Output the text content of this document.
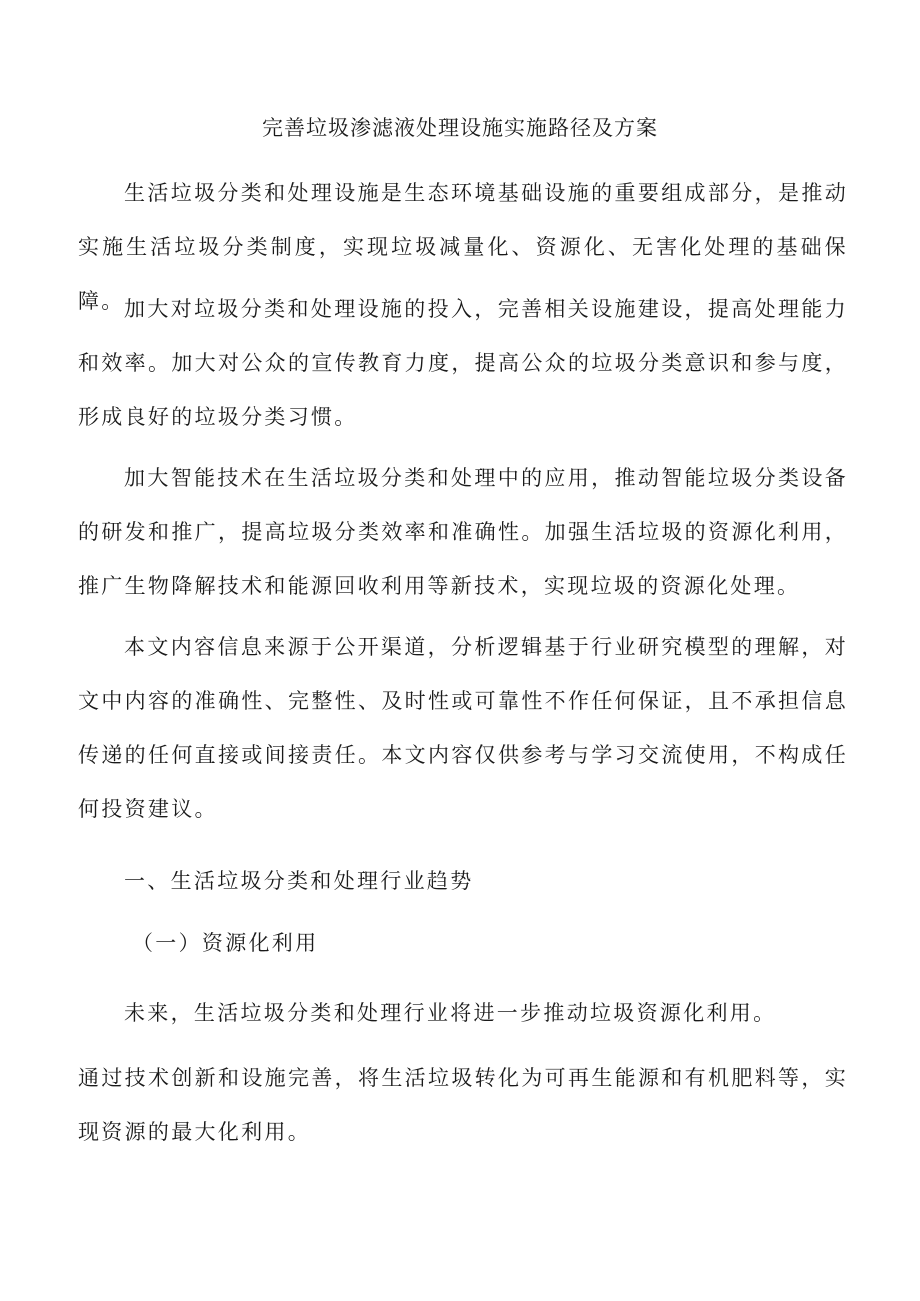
完善垃圾渗滤液处理设施实施路径及方案

生活垃圾分类和处理设施是生态环境基础设施的重要组成部分，是推动实施生活垃圾分类制度，实现垃圾减量化、资源化、无害化处理的基础保障。 加大对垃圾分类和处理设施的投入，完善相关设施建设，提高处理能力和效率。加大对公众的宣传教育力度，提高公众的垃圾分类意识和参与度，形成良好的垃圾分类习惯。

加大智能技术在生活垃圾分类和处理中的应用，推动智能垃圾分类设备的研发和推广，提高垃圾分类效率和准确性。加强生活垃圾的资源化利用，推广生物降解技术和能源回收利用等新技术，实现垃圾的资源化处理。

本文内容信息来源于公开渠道，分析逻辑基于行业研究模型的理解，对文中内容的准确性、完整性、及时性或可靠性不作任何保证，且不承担信息传递的任何直接或间接责任。本文内容仅供参考与学习交流使用，不构成任何投资建议。

一、生活垃圾分类和处理行业趋势
（一）资源化利用

未来，生活垃圾分类和处理行业将进一步推动垃圾资源化利用。

通过技术创新和设施完善，将生活垃圾转化为可再生能源和有机肥料等，实现资源的最大化利用。
